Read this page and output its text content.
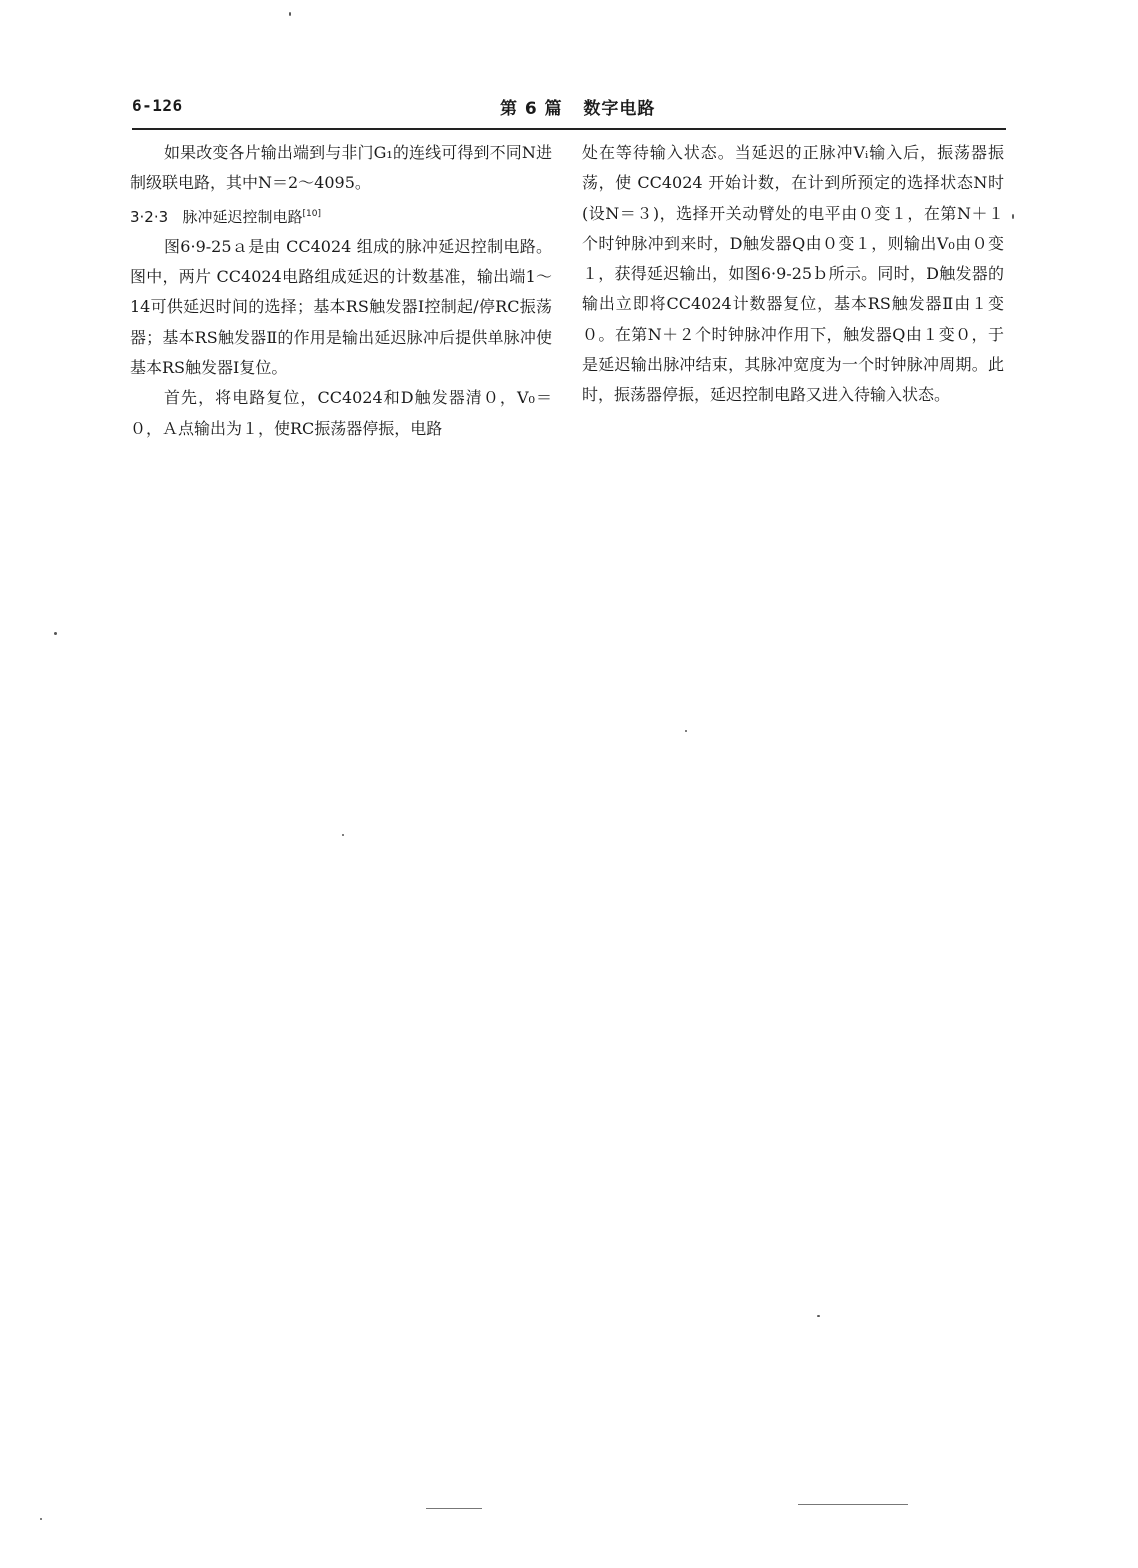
6-126	第 6 篇   数字电路

如果改变各片输出端到与非门G₁的连线可得到不同N进制级联电路，其中N＝2～4095。

3·2·3 脉冲延迟控制电路[10]

图6·9-25ａ是由 CC4024 组成的脉冲延迟控制电路。图中，两片 CC4024电路组成延迟的计数基准，输出端1～14可供延迟时间的选择；基本RS触发器Ⅰ控制起/停RC振荡器；基本RS触发器Ⅱ的作用是输出延迟脉冲后提供单脉冲使基本RS触发器Ⅰ复位。

首先，将电路复位，CC4024和D触发器清０，V₀＝０，Ａ点输出为１，使RC振荡器停振，电路

处在等待输入状态。当延迟的正脉冲Vᵢ输入后，振荡器振荡，使 CC4024 开始计数，在计到所预定的选择状态N时(设N＝３)，选择开关动臂处的电平由０变１，在第N＋１个时钟脉冲到来时，D触发器Q由０变１，则输出V₀由０变１，获得延迟输出，如图6·9-25ｂ所示。同时，D触发器的输出立即将CC4024计数器复位，基本RS触发器Ⅱ由１变０。在第N＋２个时钟脉冲作用下，触发器Q由１变０，于是延迟输出脉冲结束，其脉冲宽度为一个时钟脉冲周期。此时，振荡器停振，延迟控制电路又进入待输入状态。
